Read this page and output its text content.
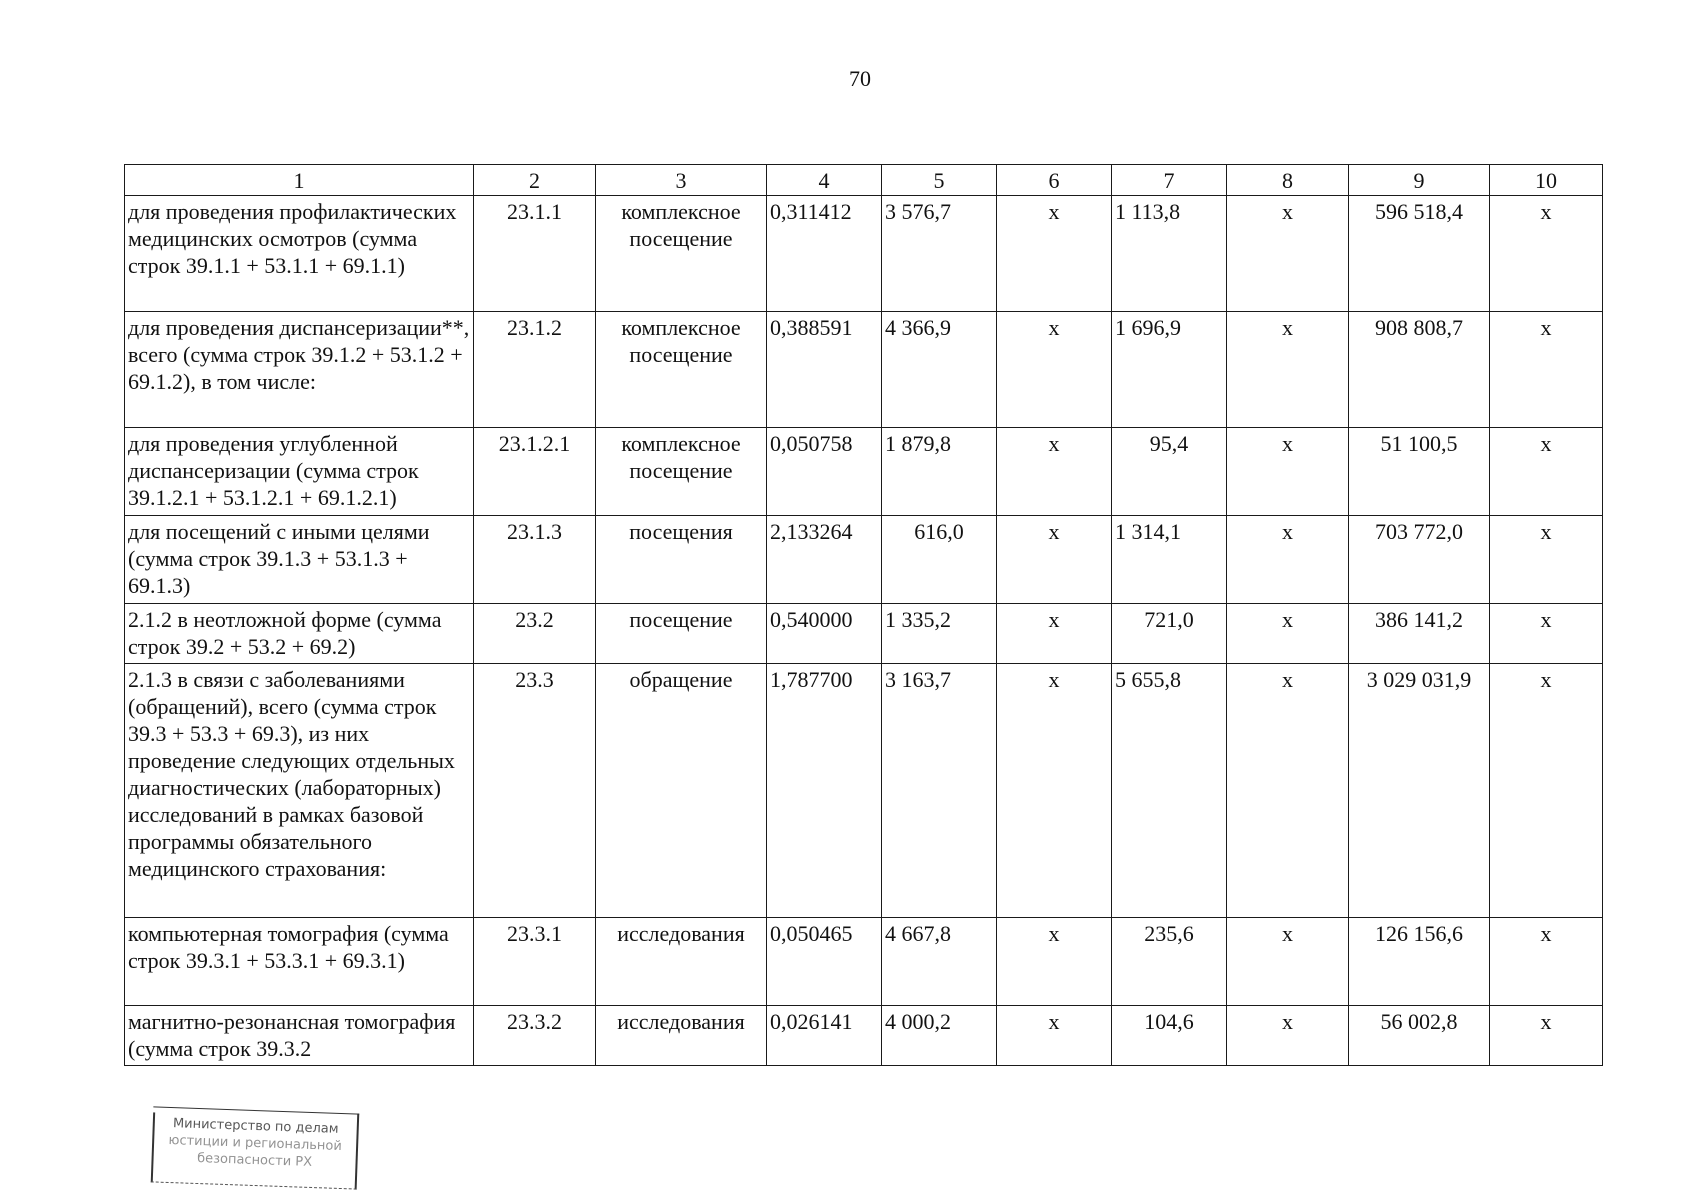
70
1	2	3	4	5	6	7	8	9	10
для проведения профилактических медицинских осмотров (сумма строк 39.1.1 + 53.1.1 + 69.1.1)	23.1.1	комплексное посещение	0,311412	3 576,7	х	1 113,8	х	596 518,4	х
для проведения диспансеризации**, всего (сумма строк 39.1.2 + 53.1.2 + 69.1.2), в том числе:	23.1.2	комплексное посещение	0,388591	4 366,9	х	1 696,9	х	908 808,7	х
для проведения углубленной диспансеризации (сумма строк 39.1.2.1 + 53.1.2.1 + 69.1.2.1)	23.1.2.1	комплексное посещение	0,050758	1 879,8	х	95,4	х	51 100,5	х
для посещений с иными целями (сумма строк 39.1.3 + 53.1.3 + 69.1.3)	23.1.3	посещения	2,133264	616,0	х	1 314,1	х	703 772,0	х
2.1.2 в неотложной форме (сумма строк 39.2 + 53.2 + 69.2)	23.2	посещение	0,540000	1 335,2	х	721,0	х	386 141,2	х
2.1.3 в связи с заболеваниями (обращений), всего (сумма строк 39.3 + 53.3 + 69.3), из них проведение следующих отдельных диагностических (лабораторных) исследований в рамках базовой программы обязательного медицинского страхования:	23.3	обращение	1,787700	3 163,7	х	5 655,8	х	3 029 031,9	х
компьютерная томография (сумма строк 39.3.1 + 53.3.1 + 69.3.1)	23.3.1	исследования	0,050465	4 667,8	х	235,6	х	126 156,6	х
магнитно-резонансная томография (сумма строк 39.3.2	23.3.2	исследования	0,026141	4 000,2	х	104,6	х	56 002,8	х
Министерство по делам
юстиции и региональной
безопасности РХ
